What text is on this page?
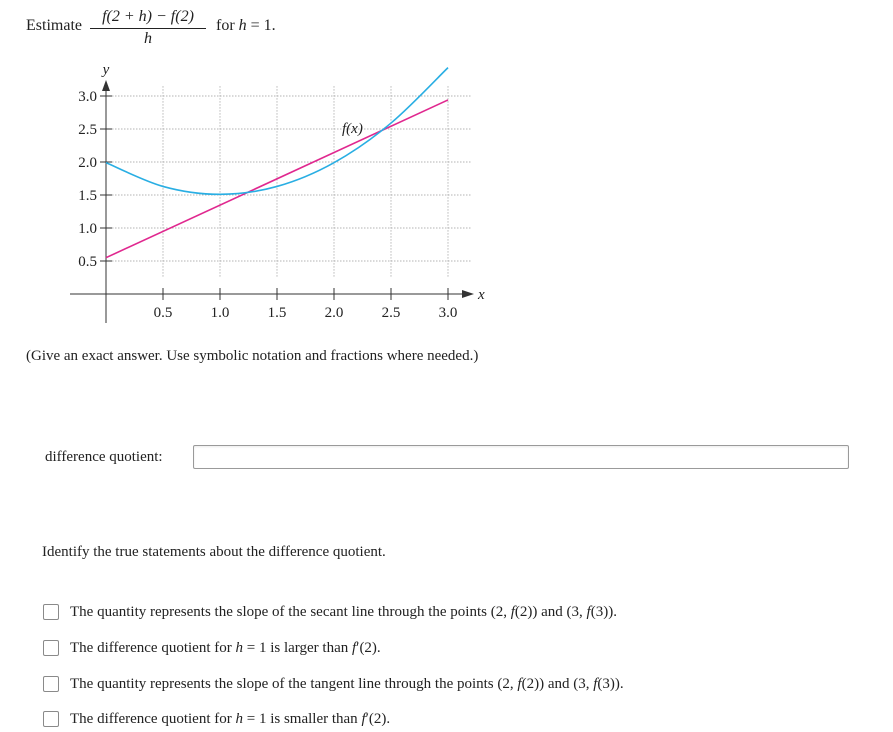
Estimate
f(2 + h) − f(2)
h
for h = 1.
3.0
2.5
2.0
1.5
1.0
0.5
0.5	1.0	1.5	2.0	2.5	3.0
y
x
f(x)
(Give an exact answer. Use symbolic notation and fractions where needed.)
difference quotient:
Identify the true statements about the difference quotient.
The quantity represents the slope of the secant line through the points (2, f(2)) and (3, f(3)).
The difference quotient for h = 1 is larger than f′(2).
The quantity represents the slope of the tangent line through the points (2, f(2)) and (3, f(3)).
The difference quotient for h = 1 is smaller than f′(2).
